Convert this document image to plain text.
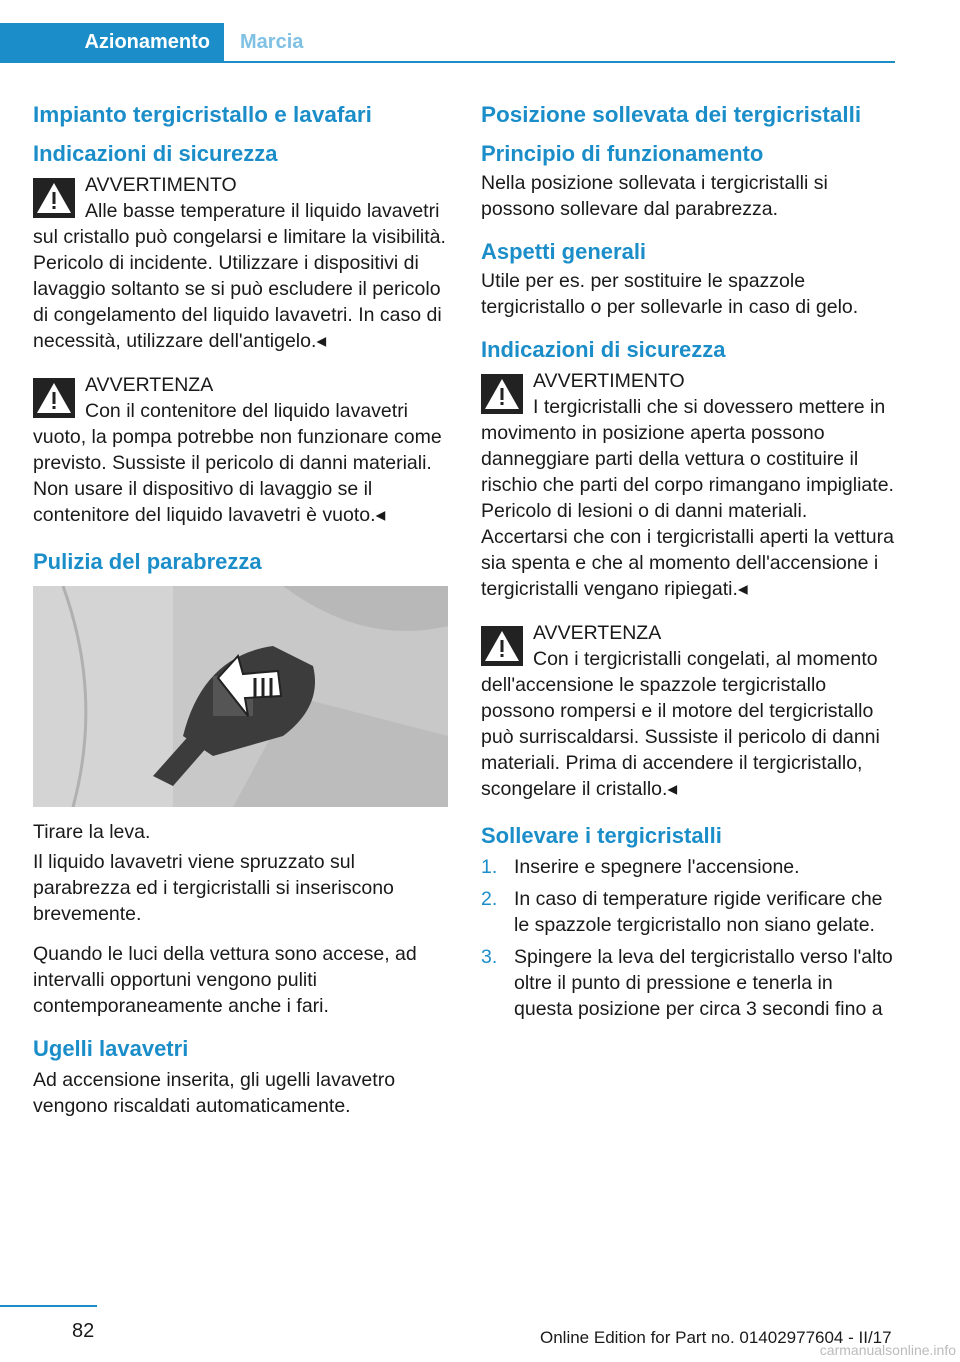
Azionamento	Marcia
Impianto tergicristallo e lavafari
Indicazioni di sicurezza
AVVERTIMENTO
Alle basse temperature il liquido lavavetri sul cristallo può congelarsi e limitare la visibilità. Pericolo di incidente. Utilizzare i dispositivi di lavaggio soltanto se si può escludere il pericolo di congelamento del liquido lavavetri. In caso di necessità, utilizzare dell'antigelo.◂
AVVERTENZA
Con il contenitore del liquido lavavetri vuoto, la pompa potrebbe non funzionare come previsto. Sussiste il pericolo di danni materiali. Non usare il dispositivo di lavaggio se il contenitore del liquido lavavetri è vuoto.◂
Pulizia del parabrezza

Tirare la leva.

Il liquido lavavetri viene spruzzato sul parabrezza ed i tergicristalli si inseriscono brevemente.

Quando le luci della vettura sono accese, ad intervalli opportuni vengono puliti contemporaneamente anche i fari.

Ugelli lavavetri

Ad accensione inserita, gli ugelli lavavetro vengono riscaldati automaticamente.

Posizione sollevata dei tergicristalli
Principio di funzionamento

Nella posizione sollevata i tergicristalli si possono sollevare dal parabrezza.

Aspetti generali

Utile per es. per sostituire le spazzole tergicristallo o per sollevarle in caso di gelo.

Indicazioni di sicurezza
AVVERTIMENTO
I tergicristalli che si dovessero mettere in movimento in posizione aperta possono danneggiare parti della vettura o costituire il rischio che parti del corpo rimangano impigliate. Pericolo di lesioni o di danni materiali. Accertarsi che con i tergicristalli aperti la vettura sia spenta e che al momento dell'accensione i tergicristalli vengano ripiegati.◂
AVVERTENZA
Con i tergicristalli congelati, al momento dell'accensione le spazzole tergicristallo possono rompersi e il motore del tergicristallo può surriscaldarsi. Sussiste il pericolo di danni materiali. Prima di accendere il tergicristallo, scongelare il cristallo.◂
Sollevare i tergicristalli
1. Inserire e spegnere l'accensione.
2. In caso di temperature rigide verificare che le spazzole tergicristallo non siano gelate.
3. Spingere la leva del tergicristallo verso l'alto oltre il punto di pressione e tenerla in questa posizione per circa 3 secondi fino a
82	Online Edition for Part no. 01402977604 - II/17
carmanualsonline.info
